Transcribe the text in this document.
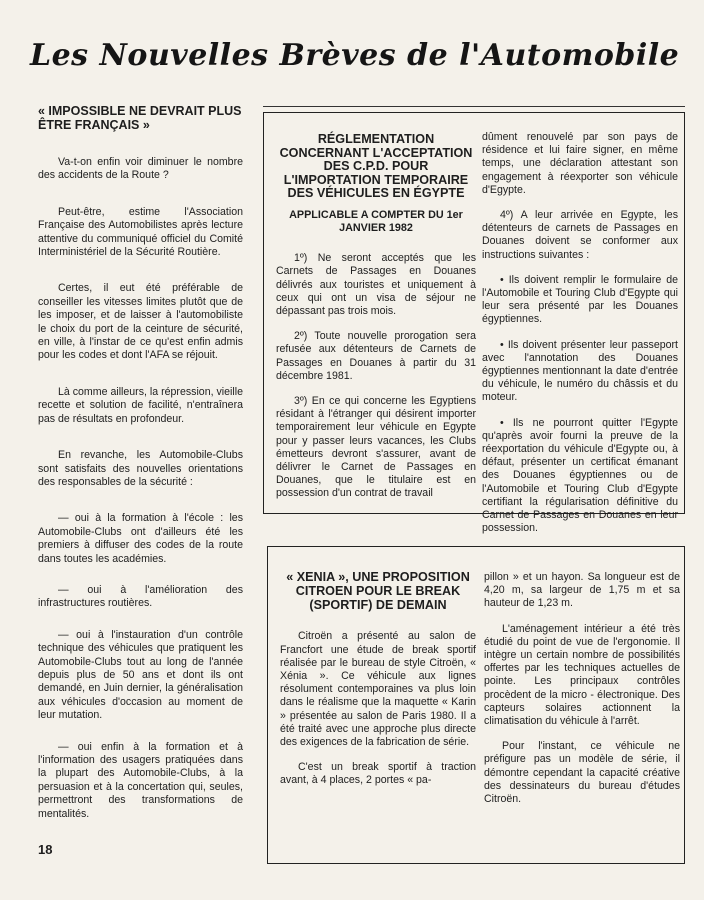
Les Nouvelles Brèves de l'Automobile
« IMPOSSIBLE NE DEVRAIT PLUS ÊTRE FRANÇAIS »

Va-t-on enfin voir diminuer le nombre des accidents de la Route ?

Peut-être, estime l'Association Française des Automobilistes après lecture attentive du communiqué officiel du Comité Interministériel de la Sécurité Routière.

Certes, il eut été préférable de conseiller les vitesses limites plutôt que de les imposer, et de laisser à l'automobiliste le choix du port de la ceinture de sécurité, en ville, à l'instar de ce qu'est enfin admis pour les codes et dont l'AFA se réjouit.

Là comme ailleurs, la répression, vieille recette et solution de facilité, n'entraînera pas de résultats en profondeur.

En revanche, les Automobile-Clubs sont satisfaits des nouvelles orientations des responsables de la sécurité :

— oui à la formation à l'école : les Automobile-Clubs ont d'ailleurs été les premiers à diffuser des codes de la route dans toutes les académies.

— oui à l'amélioration des infrastructures routières.

— oui à l'instauration d'un contrôle technique des véhicules que pratiquent les Automobile-Clubs tout au long de l'année depuis plus de 50 ans et dont ils ont demandé, en Juin dernier, la généralisation aux véhicules d'occasion au moment de leur mutation.

— oui enfin à la formation et à l'information des usagers pratiquées dans la plupart des Automobile-Clubs, à la persuasion et à la concertation qui, seules, permettront des transformations de mentalités.

RÉGLEMENTATION CONCERNANT L'ACCEPTATION DES C.P.D. POUR L'IMPORTATION TEMPORAIRE DES VÉHICULES EN ÉGYPTE
APPLICABLE A COMPTER DU 1er JANVIER 1982

1º) Ne seront acceptés que les Carnets de Passages en Douanes délivrés aux touristes et uniquement à ceux qui ont un visa de séjour ne dépassant pas trois mois.

2º) Toute nouvelle prorogation sera refusée aux détenteurs de Carnets de Passages en Douanes à partir du 31 décembre 1981.

3º) En ce qui concerne les Egyptiens résidant à l'étranger qui désirent importer temporairement leur véhicule en Egypte pour y passer leurs vacances, les Clubs émetteurs devront s'assurer, avant de délivrer le Carnet de Passages en Douanes, que le titulaire est en possession d'un contrat de travail

dûment renouvelé par son pays de résidence et lui faire signer, en même temps, une déclaration attestant son engagement à réexporter son véhicule d'Egypte.

4º) A leur arrivée en Egypte, les détenteurs de carnets de Passages en Douanes doivent se conformer aux instructions suivantes :

• Ils doivent remplir le formulaire de l'Automobile et Touring Club d'Egypte qui leur sera présenté par les Douanes égyptiennes.

• Ils doivent présenter leur passeport avec l'annotation des Douanes égyptiennes mentionnant la date d'entrée du véhicule, le numéro du châssis et du moteur.

• Ils ne pourront quitter l'Egypte qu'après avoir fourni la preuve de la réexportation du véhicule d'Egypte ou, à défaut, présenter un certificat émanant des Douanes égyptiennes ou de l'Automobile et Touring Club d'Egypte certifiant la régularisation définitive du Carnet de Passages en Douanes en leur possession.

« XENIA », UNE PROPOSITION CITROEN POUR LE BREAK (SPORTIF) DE DEMAIN

Citroën a présenté au salon de Francfort une étude de break sportif réalisée par le bureau de style Citroën, « Xénia ». Ce véhicule aux lignes résolument contemporaines va plus loin dans le réalisme que la maquette « Karin » présentée au salon de Paris 1980. Il a été traité avec une approche plus directe des exigences de la fabrication de série.

C'est un break sportif à traction avant, à 4 places, 2 portes « pa-

pillon » et un hayon. Sa longueur est de 4,20 m, sa largeur de 1,75 m et sa hauteur de 1,23 m.

L'aménagement intérieur a été très étudié du point de vue de l'ergonomie. Il intègre un certain nombre de possibilités offertes par les techniques actuelles de pointe. Les principaux contrôles procèdent de la micro - électronique. Des capteurs solaires actionnent la climatisation du véhicule à l'arrêt.

Pour l'instant, ce véhicule ne préfigure pas un modèle de série, il démontre cependant la capacité créative des dessinateurs du bureau d'études Citroën.

18
